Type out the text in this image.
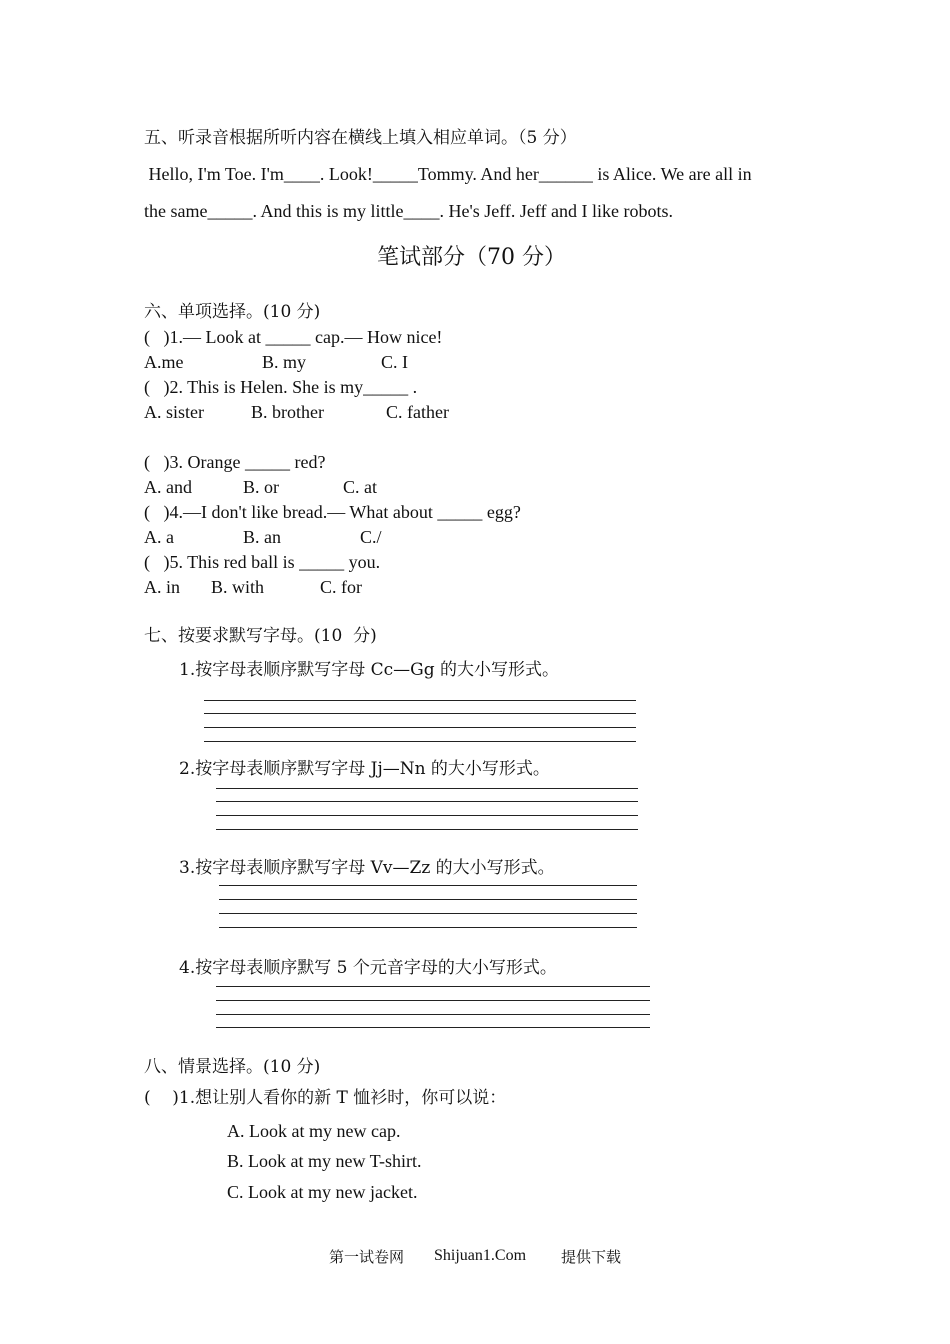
五、听录音根据所听内容在横线上填入相应单词。（5 分）
Hello, I'm Toe. I'm____. Look!_____Tommy. And her______ is Alice. We are all in
the same_____. And this is my little____. He's Jeff. Jeff and I like robots.
笔试部分（70 分）
六、单项选择。(10 分)
(   )1.— Look at _____ cap.— How nice!
A.me	B. my	C. I
(   )2. This is Helen. She is my_____ .
A. sister	B. brother	C. father
(   )3. Orange _____ red?
A. and	B. or	C. at
(   )4.—I don't like bread.— What about _____ egg?
A. a	B. an	C./
(   )5. This red ball is _____ you.
A. in B. with	C. for
七、按要求默写字母。(10  分)
1.按字母表顺序默写字母 Cc—Gg 的大小写形式。
2.按字母表顺序默写字母 Jj—Nn 的大小写形式。
3.按字母表顺序默写字母 Vv—Zz 的大小写形式。
4.按字母表顺序默写 5 个元音字母的大小写形式。
八、情景选择。(10 分)
(    )1.想让别人看你的新 T 恤衫时，你可以说：
A. Look at my new cap.
B. Look at my new T-shirt.
C. Look at my new jacket.
第一试卷网 Shijuan1.Com 提供下载
